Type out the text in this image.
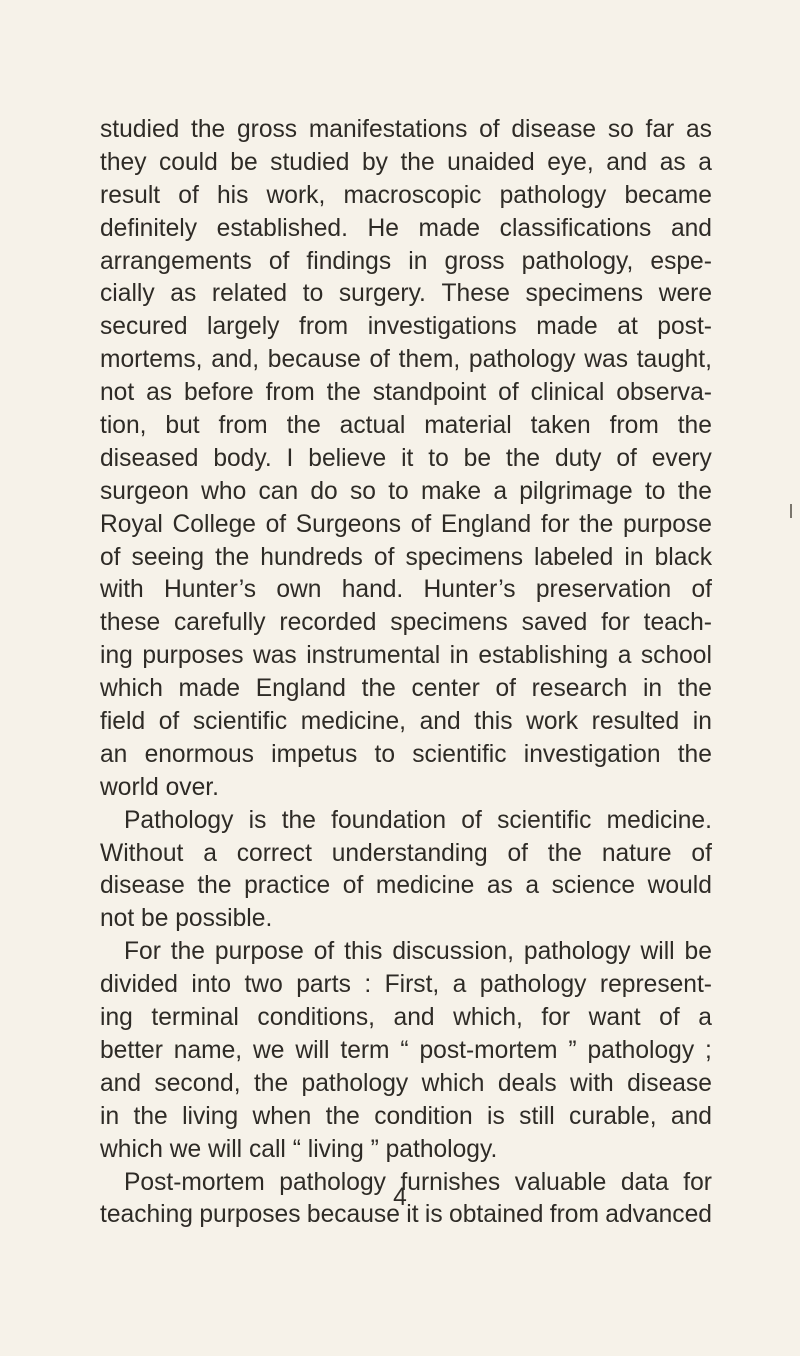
studied the gross manifestations of disease so far as
they could be studied by the unaided eye, and as a
result of his work, macroscopic pathology became
definitely established. He made classifications and
arrangements of findings in gross pathology, espe-
cially as related to surgery. These specimens were
secured largely from investigations made at post-
mortems, and, because of them, pathology was taught,
not as before from the standpoint of clinical observa-
tion, but from the actual material taken from the
diseased body. I believe it to be the duty of every
surgeon who can do so to make a pilgrimage to the
Royal College of Surgeons of England for the purpose
of seeing the hundreds of specimens labeled in black
with Hunter’s own hand. Hunter’s preservation of
these carefully recorded specimens saved for teach-
ing purposes was instrumental in establishing a school
which made England the center of research in the
field of scientific medicine, and this work resulted in
an enormous impetus to scientific investigation the
world over.
Pathology is the foundation of scientific medicine.
Without a correct understanding of the nature of
disease the practice of medicine as a science would
not be possible.
For the purpose of this discussion, pathology will be
divided into two parts : First, a pathology represent-
ing terminal conditions, and which, for want of a
better name, we will term “ post-mortem ” pathology ;
and second, the pathology which deals with disease
in the living when the condition is still curable, and
which we will call “ living ” pathology.
Post-mortem pathology furnishes valuable data for
teaching purposes because it is obtained from advanced
4
